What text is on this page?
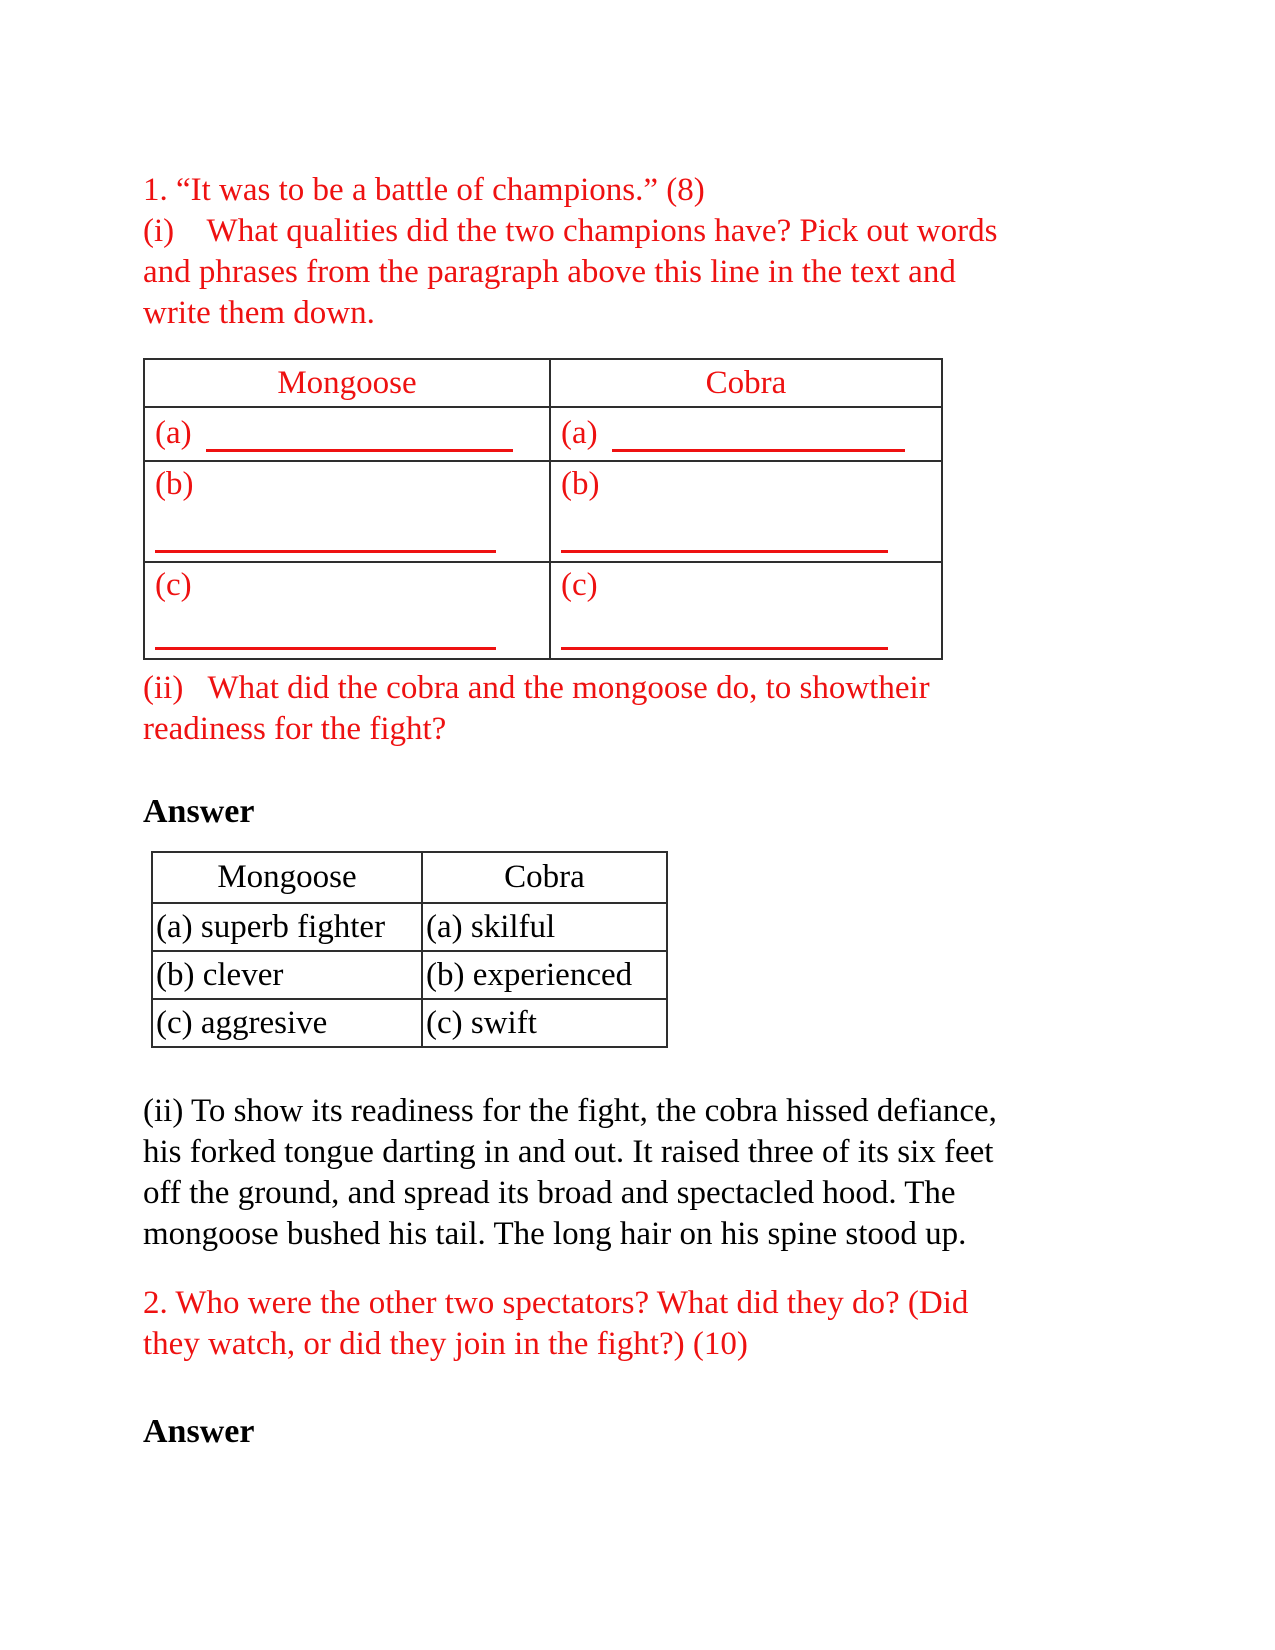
1. “It was to be a battle of champions.” (8)
(i)    What qualities did the two champions have? Pick out words
and phrases from the paragraph above this line in the text and
write them down.
Mongoose	Cobra

(a)	(a)

(b)	(b)

(c)	(c)
(ii)   What did the cobra and the mongoose do, to showtheir
readiness for the fight?
Answer
Mongoose	Cobra
(a) superb fighter	(a) skilful
(b) clever	(b) experienced
(c) aggresive	(c) swift
(ii) To show its readiness for the fight, the cobra hissed defiance,
his forked tongue darting in and out. It raised three of its six feet
off the ground, and spread its broad and spectacled hood. The
mongoose bushed his tail. The long hair on his spine stood up.
2. Who were the other two spectators? What did they do? (Did
they watch, or did they join in the fight?) (10)
Answer
